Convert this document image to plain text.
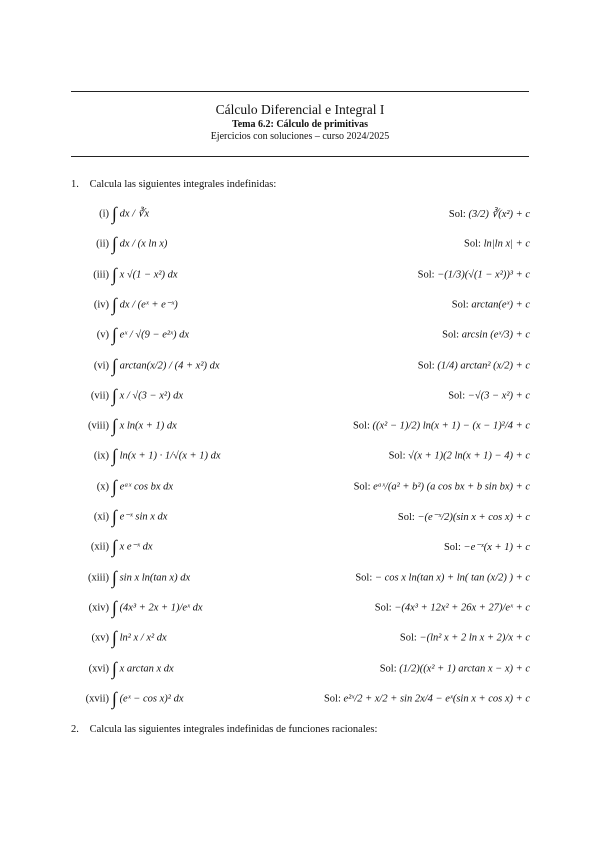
Cálculo Diferencial e Integral I
Tema 6.2: Cálculo de primitivas
Ejercicios con soluciones – curso 2024/2025
1. Calcula las siguientes integrales indefinidas:
(i) ∫ dx / ∛x	Sol: (3/2) ∛(x²) + c
(ii) ∫ dx / (x ln x)	Sol: ln|ln x| + c
(iii) ∫ x √(1 − x²) dx	Sol: −(1/3)(√(1 − x²))³ + c
(iv) ∫ dx / (eˣ + e⁻ˣ)	Sol: arctan(eˣ) + c
(v) ∫ eˣ / √(9 − e²ˣ) dx	Sol: arcsin (eˣ/3) + c
(vi) ∫ arctan(x/2) / (4 + x²) dx	Sol: (1/4) arctan² (x/2) + c
(vii) ∫ x / √(3 − x²) dx	Sol: −√(3 − x²) + c
(viii) ∫ x ln(x + 1) dx	Sol: ((x² − 1)/2) ln(x + 1) − (x − 1)²/4 + c
(ix) ∫ ln(x + 1) · 1/√(x + 1) dx	Sol: √(x + 1)(2 ln(x + 1) − 4) + c
(x) ∫ eᵃˣ cos bx dx	Sol: eᵃˣ/(a² + b²) (a cos bx + b sin bx) + c
(xi) ∫ e⁻ˣ sin x dx	Sol: −(e⁻ˣ/2)(sin x + cos x) + c
(xii) ∫ x e⁻ˣ dx	Sol: −e⁻ˣ(x + 1) + c
(xiii) ∫ sin x ln(tan x) dx	Sol: − cos x ln(tan x) + ln( tan (x/2) ) + c
(xiv) ∫ (4x³ + 2x + 1)/eˣ dx	Sol: −(4x³ + 12x² + 26x + 27)/eˣ + c
(xv) ∫ ln² x / x² dx	Sol: −(ln² x + 2 ln x + 2)/x + c
(xvi) ∫ x arctan x dx	Sol: (1/2)((x² + 1) arctan x − x) + c
(xvii) ∫ (eˣ − cos x)² dx	Sol: e²ˣ/2 + x/2 + sin 2x/4 − eˣ(sin x + cos x) + c
2. Calcula las siguientes integrales indefinidas de funciones racionales:
